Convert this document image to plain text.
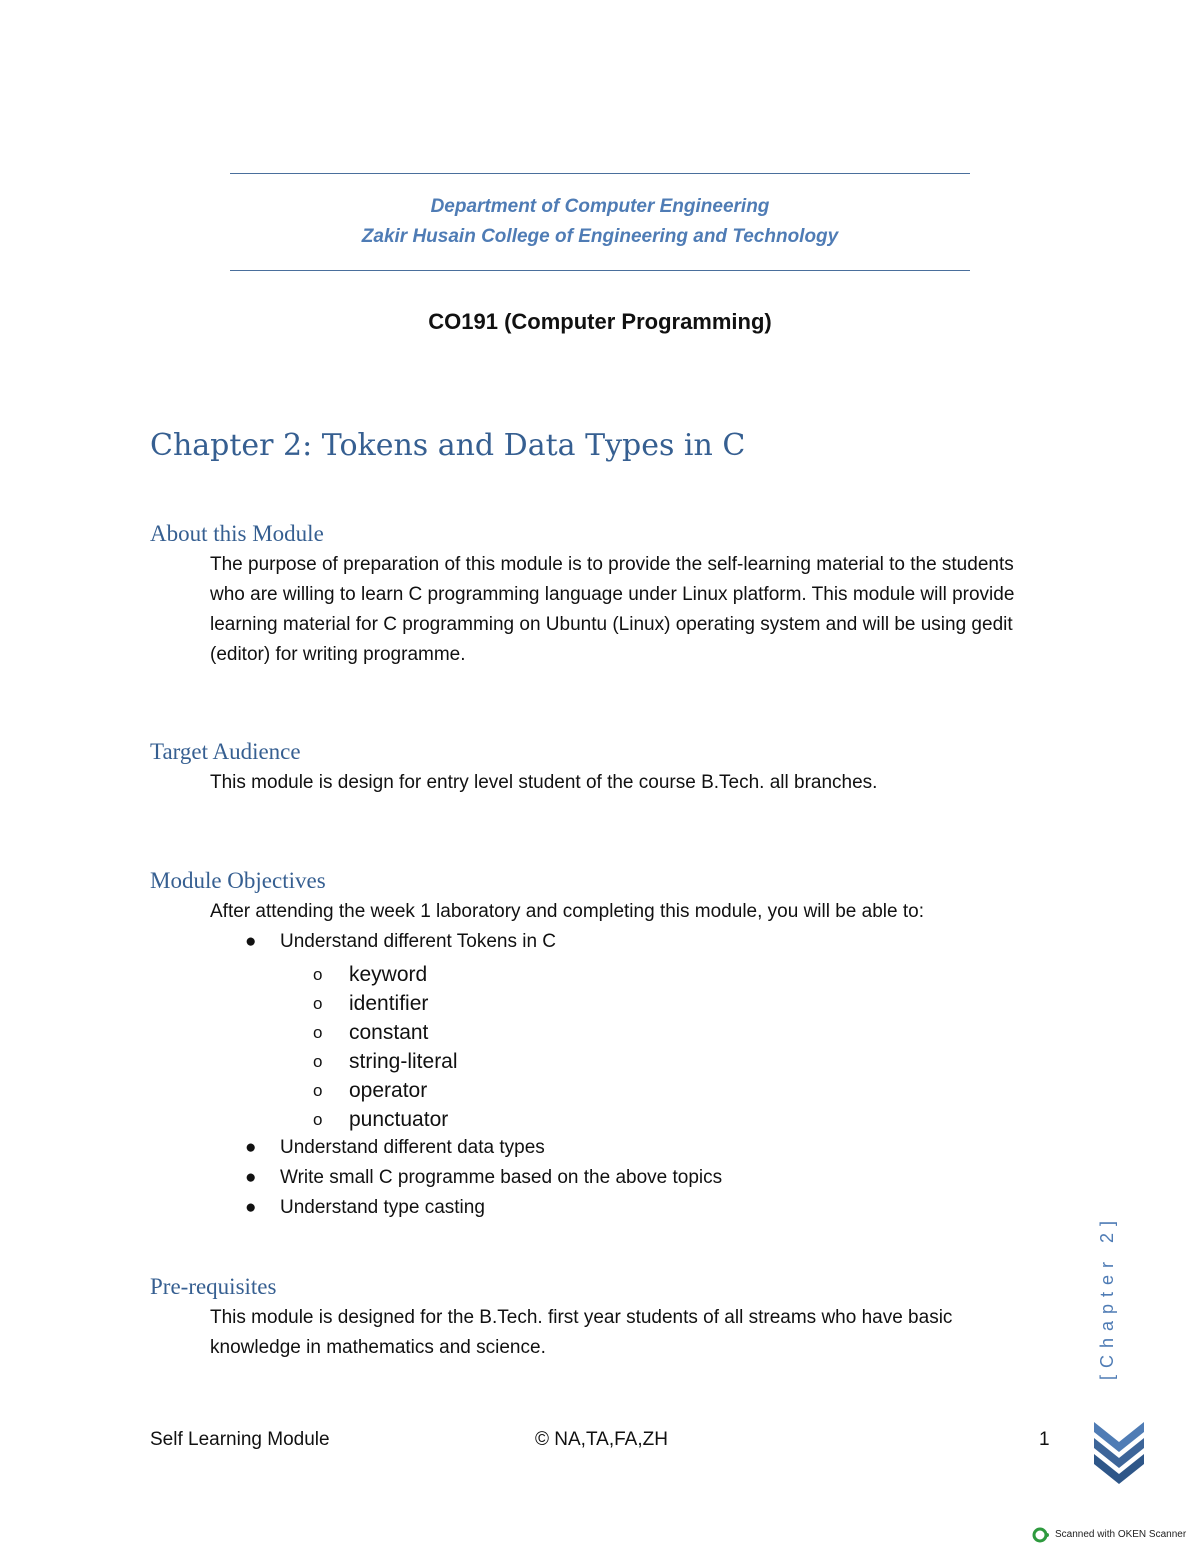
Department of Computer Engineering
Zakir Husain College of Engineering and Technology
CO191 (Computer Programming)
Chapter 2: Tokens and Data Types in C
About this Module
The purpose of preparation of this module is to provide the self-learning material to the students
who are willing to learn C programming language under Linux platform. This module will provide
learning material for C programming on Ubuntu (Linux) operating system and will be using gedit
(editor) for writing programme.
Target Audience
This module is design for entry level student of the course B.Tech. all branches.
Module Objectives
After attending the week 1 laboratory and completing this module, you will be able to:
● Understand different Tokens in C
o keyword
o identifier
o constant
o string-literal
o operator
o punctuator
● Understand different data types
● Write small C programme based on the above topics
● Understand type casting
Pre-requisites
This module is designed for the B.Tech. first year students of all streams who have basic
knowledge in mathematics and science.	[Chapter 2]
Self Learning Module	© NA,TA,FA,ZH	1
Scanned with OKEN Scanner
